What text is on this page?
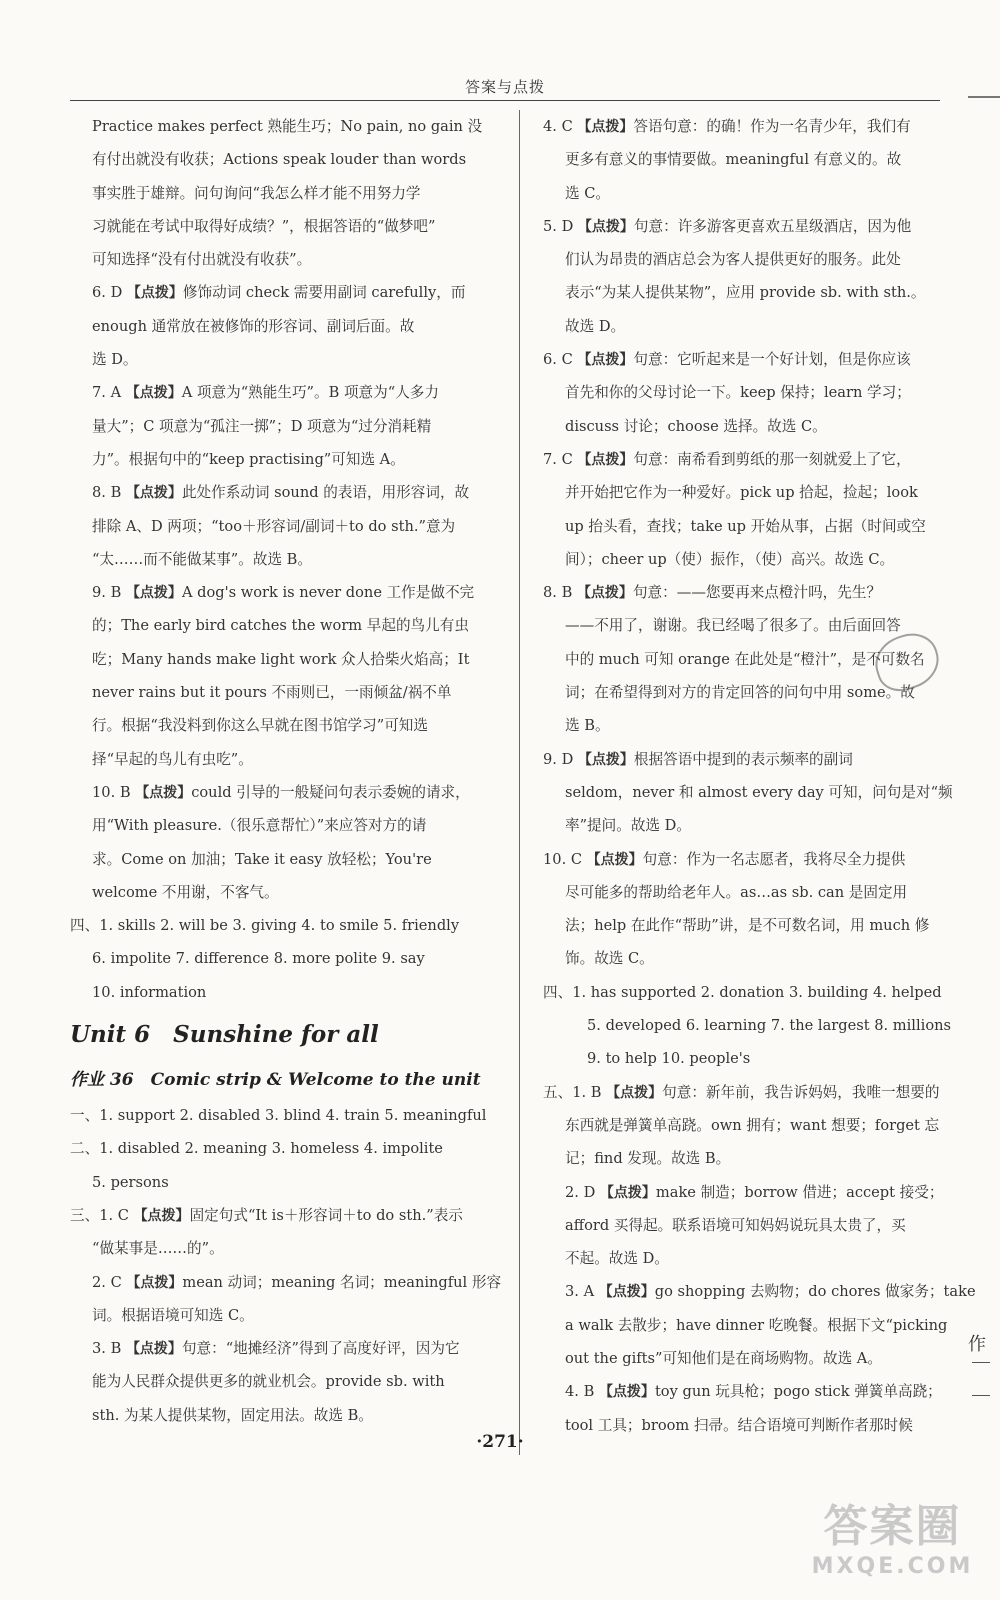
答案与点拨
Practice makes perfect 熟能生巧；No pain, no gain 没
有付出就没有收获；Actions speak louder than words
事实胜于雄辩。问句询问“我怎么样才能不用努力学
习就能在考试中取得好成绩？”，根据答语的“做梦吧”
可知选择“没有付出就没有收获”。
6. D 【点拨】修饰动词 check 需要用副词 carefully，而
enough 通常放在被修饰的形容词、副词后面。故
选 D。
7. A 【点拨】A 项意为“熟能生巧”。B 项意为“人多力
量大”；C 项意为“孤注一掷”；D 项意为“过分消耗精
力”。根据句中的“keep practising”可知选 A。
8. B 【点拨】此处作系动词 sound 的表语，用形容词，故
排除 A、D 两项；“too＋形容词/副词＋to do sth.”意为
“太……而不能做某事”。故选 B。
9. B 【点拨】A dog's work is never done 工作是做不完
的；The early bird catches the worm 早起的鸟儿有虫
吃；Many hands make light work 众人拾柴火焰高；It
never rains but it pours 不雨则已，一雨倾盆/祸不单
行。根据“我没料到你这么早就在图书馆学习”可知选
择“早起的鸟儿有虫吃”。
10. B 【点拨】could 引导的一般疑问句表示委婉的请求，
用“With pleasure.（很乐意帮忙）”来应答对方的请
求。Come on 加油；Take it easy 放轻松；You're
welcome 不用谢，不客气。
四、1. skills 2. will be 3. giving 4. to smile 5. friendly
6. impolite 7. difference 8. more polite 9. say
10. information
Unit 6　Sunshine for all
作业 36　Comic strip & Welcome to the unit
一、1. support 2. disabled 3. blind 4. train 5. meaningful
二、1. disabled 2. meaning 3. homeless 4. impolite
5. persons
三、1. C 【点拨】固定句式“It is＋形容词＋to do sth.”表示
“做某事是……的”。
2. C 【点拨】mean 动词；meaning 名词；meaningful 形容
词。根据语境可知选 C。
3. B 【点拨】句意：“地摊经济”得到了高度好评，因为它
能为人民群众提供更多的就业机会。provide sb. with
sth. 为某人提供某物，固定用法。故选 B。
4. C 【点拨】答语句意：的确！作为一名青少年，我们有
更多有意义的事情要做。meaningful 有意义的。故
选 C。
5. D 【点拨】句意：许多游客更喜欢五星级酒店，因为他
们认为昂贵的酒店总会为客人提供更好的服务。此处
表示“为某人提供某物”，应用 provide sb. with sth.。
故选 D。
6. C 【点拨】句意：它听起来是一个好计划，但是你应该
首先和你的父母讨论一下。keep 保持；learn 学习；
discuss 讨论；choose 选择。故选 C。
7. C 【点拨】句意：南希看到剪纸的那一刻就爱上了它，
并开始把它作为一种爱好。pick up 拾起，捡起；look
up 抬头看，查找；take up 开始从事，占据（时间或空
间）；cheer up（使）振作，（使）高兴。故选 C。
8. B 【点拨】句意：——您要再来点橙汁吗，先生？
——不用了，谢谢。我已经喝了很多了。由后面回答
中的 much 可知 orange 在此处是“橙汁”，是不可数名
词；在希望得到对方的肯定回答的问句中用 some。故
选 B。
9. D 【点拨】根据答语中提到的表示频率的副词
seldom，never 和 almost every day 可知，问句是对“频
率”提问。故选 D。
10. C 【点拨】句意：作为一名志愿者，我将尽全力提供
尽可能多的帮助给老年人。as…as sb. can 是固定用
法；help 在此作“帮助”讲，是不可数名词，用 much 修
饰。故选 C。
四、1. has supported 2. donation 3. building 4. helped
5. developed 6. learning 7. the largest 8. millions
9. to help 10. people's
五、1. B 【点拨】句意：新年前，我告诉妈妈，我唯一想要的
东西就是弹簧单高跷。own 拥有；want 想要；forget 忘
记；find 发现。故选 B。
2. D 【点拨】make 制造；borrow 借进；accept 接受；
afford 买得起。联系语境可知妈妈说玩具太贵了，买
不起。故选 D。
3. A 【点拨】go shopping 去购物；do chores 做家务；take
a walk 去散步；have dinner 吃晚餐。根据下文“picking
out the gifts”可知他们是在商场购物。故选 A。
4. B 【点拨】toy gun 玩具枪；pogo stick 弹簧单高跷；
tool 工具；broom 扫帚。结合语境可判断作者那时候
作
·271·
答案圈
MXQE.COM
